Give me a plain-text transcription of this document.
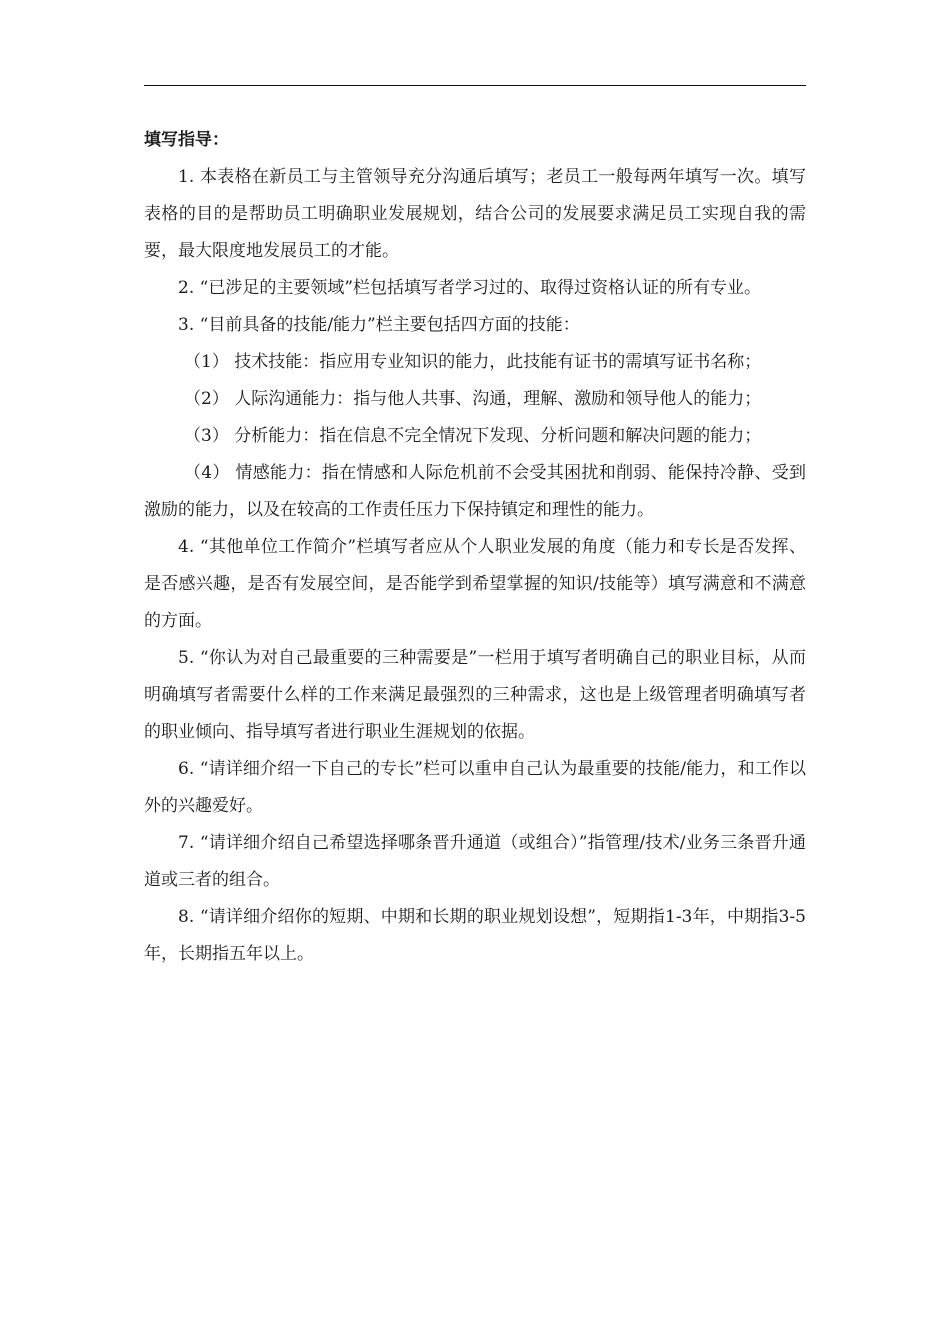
填写指导：

1. 本表格在新员工与主管领导充分沟通后填写；老员工一般每两年填写一次。填写表格的目的是帮助员工明确职业发展规划，结合公司的发展要求满足员工实现自我的需要，最大限度地发展员工的才能。

2. “已涉足的主要领域”栏包括填写者学习过的、取得过资格认证的所有专业。

3. “目前具备的技能/能力”栏主要包括四方面的技能：

（1） 技术技能：指应用专业知识的能力，此技能有证书的需填写证书名称；

（2） 人际沟通能力：指与他人共事、沟通，理解、激励和领导他人的能力；

（3） 分析能力：指在信息不完全情况下发现、分析问题和解决问题的能力；

（4） 情感能力：指在情感和人际危机前不会受其困扰和削弱、能保持冷静、受到激励的能力，以及在较高的工作责任压力下保持镇定和理性的能力。

4. “其他单位工作简介”栏填写者应从个人职业发展的角度（能力和专长是否发挥、是否感兴趣，是否有发展空间，是否能学到希望掌握的知识/技能等）填写满意和不满意的方面。

5. “你认为对自己最重要的三种需要是”一栏用于填写者明确自己的职业目标，从而明确填写者需要什么样的工作来满足最强烈的三种需求，这也是上级管理者明确填写者的职业倾向、指导填写者进行职业生涯规划的依据。

6. “请详细介绍一下自己的专长”栏可以重申自己认为最重要的技能/能力，和工作以外的兴趣爱好。

7. “请详细介绍自己希望选择哪条晋升通道（或组合）”指管理/技术/业务三条晋升通道或三者的组合。

8. “请详细介绍你的短期、中期和长期的职业规划设想”，短期指1-3年，中期指3-5年，长期指五年以上。
